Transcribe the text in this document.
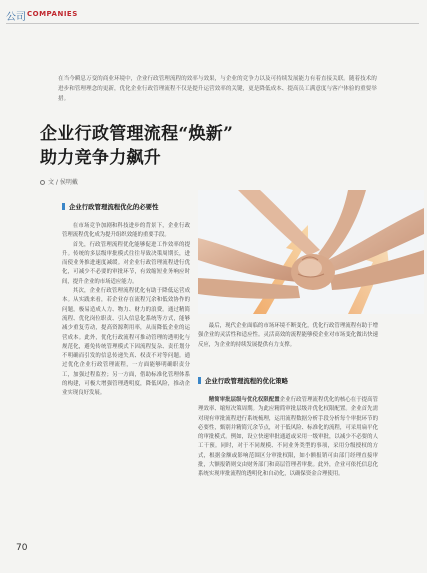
公司 COMPANIES
在当今瞬息万变的商业环境中，企业行政管理流程的效率与效果，与企业的竞争力以及可持续发展能力有着直接关联。随着技术的进步和管理理念的更新，优化企业行政管理流程不仅是提升运营效率的关键，更是降低成本、提高员工满意度与客户体验的重要举措。
企业行政管理流程“焕新”
助力竞争力飙升
文 / 侯明戴
企业行政管理流程优化的必要性

在市场竞争加剧和科技进步的背景下，企业行政管理流程优化成为提升组织效能的重要手段。

首先，行政管理流程优化能够促进工作效率的提升。传统的多层级审批模式往往导致决策周期长，进而使业务推进速度减缓。对企业行政管理流程进行优化，可减少不必要的审批环节，有效缩短业务响应时间，提升企业的市场适应能力。

其次，企业行政管理流程优化有助于降低运营成本。从实践来看，若企业存在流程冗余和低效协作的问题，极易造成人力、物力、财力的浪费。通过精简流程、优化岗位职责、引入信息化系统等方式，能够减少重复劳动，提高资源利用率，从而降低企业的运营成本。此外，优化行政流程可推动管理的透明化与规范化，避免传统管理模式下因流程复杂、责任划分不明确而引发的信息传递失真、权责不对等问题。通过优化企业行政管理流程，一方面能够明确职责分工，加强过程监控；另一方面，借助标准化管理体系的构建，可极大增强管理透明度，降低风险，推动企业实现良好发展。

最后，现代企业面临的市场环境不断变化，优化行政管理流程有助于增强企业的灵活性和适应性。灵活高效的流程能够使企业对市场变化做出快速反应，为企业的持续发展提供有力支撑。

企业行政管理流程的优化策略

精简审批层级与优化权限配置企业行政管理流程优化的核心在于提高管理效率、缩短决策周期。为此应精简审批层级并优化权限配置。企业首先需对现有审批流程进行系统梳理，运用流程数据分析手段分析每个审批环节的必要性，甄别并精简冗余节点，对于低风险、标准化的流程，可采用扁平化的审批模式。例如，设立快速审批通道或采用一级审批，以减少不必要的人工干预。同时，对于不同规模、不同业务类型的事项，采用分级授权的方式，根据金额或影响范围区分审批权限，如小额报销可由部门经理直接审批，大额报销则交由财务部门和高层管理者审批。此外，企业可依托信息化系统实现审批流程的透明化和自动化，以确保资金合理使用。

70
